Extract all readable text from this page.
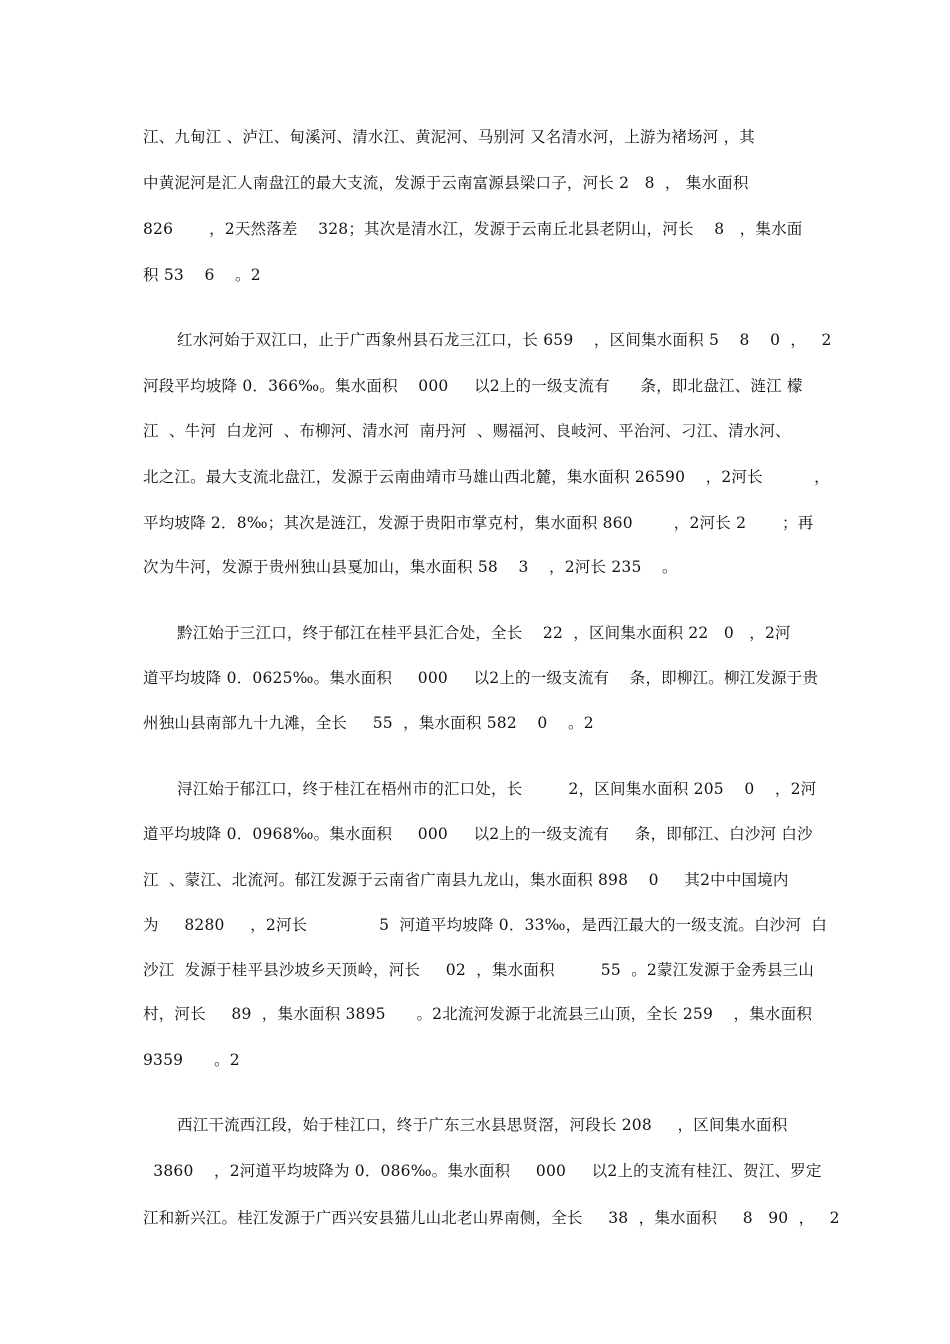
江、九甸江 、泸江、甸溪河、清水江、黄泥河、马别河 又名清水河，上游为褚场河 ，其
中黄泥河是汇人南盘江的最大支流，发源于云南富源县梁口子，河长 2   8  ， 集水面积
826       ，2天然落差    328；其次是清水江，发源于云南丘北县老阴山，河长    8   ，集水面
积 53    6    。2
红水河始于双江口，止于广西象州县石龙三江口，长 659    ，区间集水面积 5    8    0  ，   2
河段平均坡降 0．366‰。集水面积    000     以2上的一级支流有      条，即北盘江、涟江 檬
江  、牛河  白龙河  、布柳河、清水河  南丹河  、赐福河、良岐河、平治河、刁江、清水河、
北之江。最大支流北盘江，发源于云南曲靖市马雄山西北麓，集水面积 26590    ，2河长          ，
平均坡降 2．8‰；其次是涟江，发源于贵阳市掌克村，集水面积 860        ，2河长 2       ；再
次为牛河，发源于贵州独山县戛加山，集水面积 58    3    ，2河长 235    。
黔江始于三江口，终于郁江在桂平县汇合处，全长    22  ，区间集水面积 22   0   ，2河
道平均坡降 0．0625‰。集水面积     000     以2上的一级支流有    条，即柳江。柳江发源于贵
州独山县南部九十九滩，全长     55  ，集水面积 582    0    。2
浔江始于郁江口，终于桂江在梧州市的汇口处，长         2，区间集水面积 205    0    ，2河
道平均坡降 0．0968‰。集水面积     000     以2上的一级支流有     条，即郁江、白沙河 白沙
江  、蒙江、北流河。郁江发源于云南省广南县九龙山，集水面积 898    0     其2中中国境内
为     8280     ，2河长              5  河道平均坡降 0．33‰，是西江最大的一级支流。白沙河  白
沙江  发源于桂平县沙坡乡天顶岭，河长     02  ，集水面积         55  。2蒙江发源于金秀县三山
村，河长     89  ，集水面积 3895      。2北流河发源于北流县三山顶，全长 259    ，集水面积
9359      。2
西江干流西江段，始于桂江口，终于广东三水县思贤滘，河段长 208     ，区间集水面积
3860    ，2河道平均坡降为 0．086‰。集水面积     000     以2上的支流有桂江、贺江、罗定
江和新兴江。桂江发源于广西兴安县猫儿山北老山界南侧，全长     38  ，集水面积     8   90  ，   2
